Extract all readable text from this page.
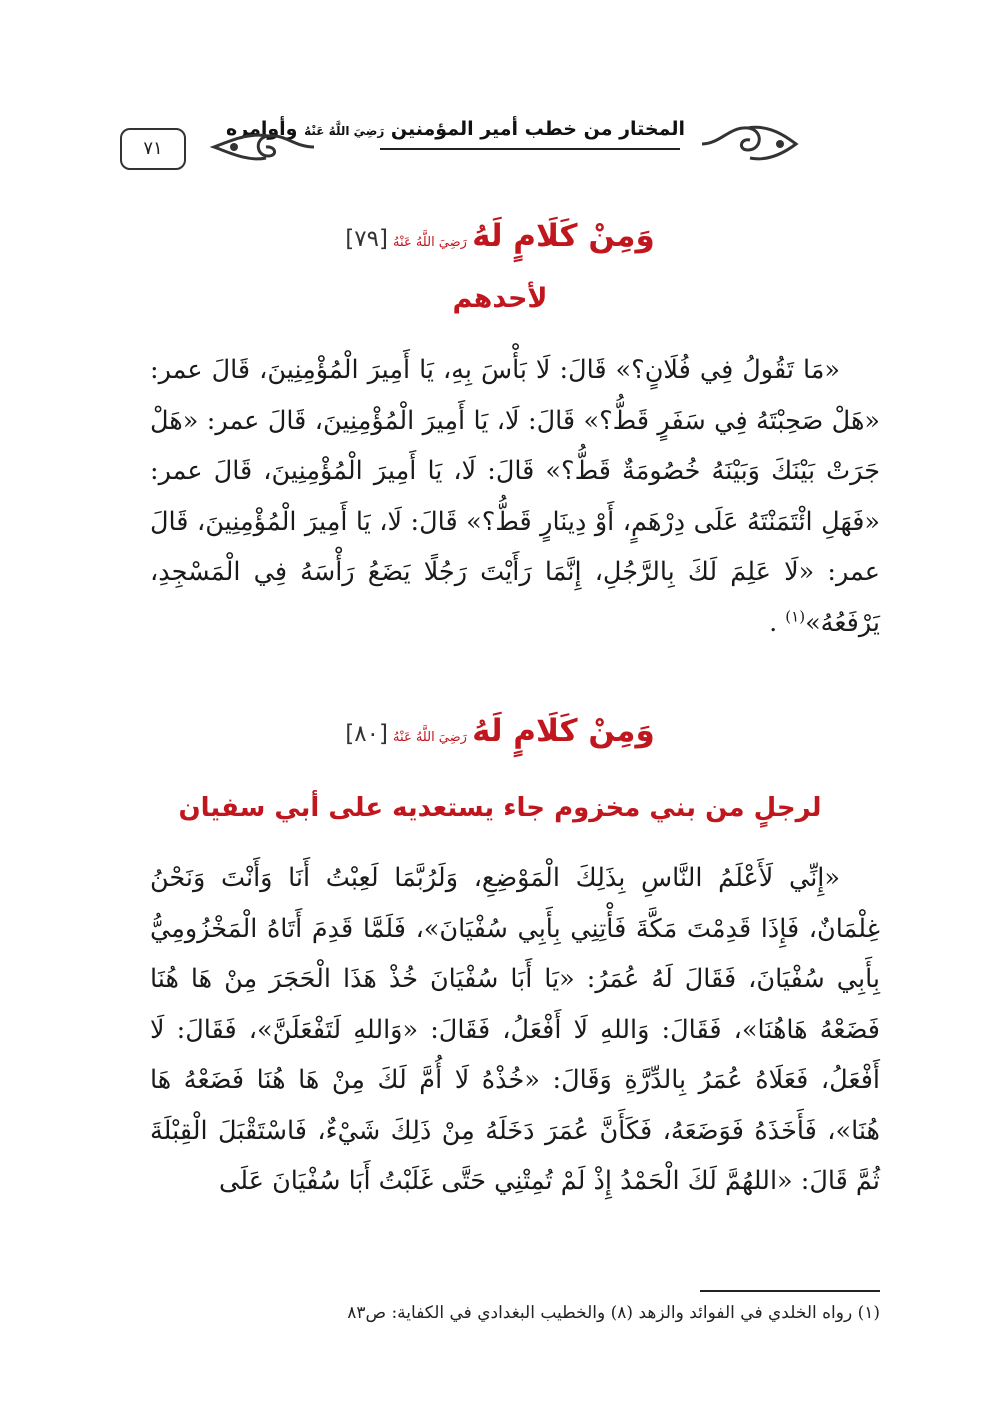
المختار من خطب أمير المؤمنين رَضِيَ اللَّهُ عَنْهُ وأوامره
٧١
وَمِنْ كَلَامٍ لَهُ رَضِيَ اللَّهُ عَنْهُ [٧٩]
لأحدهم

«مَا تَقُولُ فِي فُلَانٍ؟» قَالَ: لَا بَأْسَ بِهِ، يَا أَمِيرَ الْمُؤْمِنِينَ، قَالَ عمر: «هَلْ صَحِبْتَهُ فِي سَفَرٍ قَطُّ؟» قَالَ: لَا، يَا أَمِيرَ الْمُؤْمِنِينَ، قَالَ عمر: «هَلْ جَرَتْ بَيْنَكَ وَبَيْنَهُ خُصُومَةٌ قَطُّ؟» قَالَ: لَا، يَا أَمِيرَ الْمُؤْمِنِينَ، قَالَ عمر: «فَهَلِ ائْتَمَنْتَهُ عَلَى دِرْهَمٍ، أَوْ دِينَارٍ قَطُّ؟» قَالَ: لَا، يَا أَمِيرَ الْمُؤْمِنِينَ، قَالَ عمر: «لَا عَلِمَ لَكَ بِالرَّجُلِ، إِنَّمَا رَأَيْتَ رَجُلًا يَضَعُ رَأْسَهُ فِي الْمَسْجِدِ، يَرْفَعُهُ»$^{(١)}$ .

وَمِنْ كَلَامٍ لَهُ رَضِيَ اللَّهُ عَنْهُ [٨٠]
لرجلٍ من بني مخزوم جاء يستعديه على أبي سفيان

«إِنِّي لَأَعْلَمُ النَّاسِ بِذَلِكَ الْمَوْضِعِ، وَلَرُبَّمَا لَعِبْتُ أَنَا وَأَنْتَ وَنَحْنُ غِلْمَانٌ، فَإِذَا قَدِمْتَ مَكَّةَ فَأْتِنِي بِأَبِي سُفْيَانَ»، فَلَمَّا قَدِمَ أَتَاهُ الْمَخْزُومِيُّ بِأَبِي سُفْيَانَ، فَقَالَ لَهُ عُمَرُ: «يَا أَبَا سُفْيَانَ خُذْ هَذَا الْحَجَرَ مِنْ هَا هُنَا فَضَعْهُ هَاهُنَا»، فَقَالَ: وَاللهِ لَا أَفْعَلُ، فَقَالَ: «وَاللهِ لَتَفْعَلَنَّ»، فَقَالَ: لَا أَفْعَلُ، فَعَلَاهُ عُمَرُ بِالدِّرَّةِ وَقَالَ: «خُذْهُ لَا أُمَّ لَكَ مِنْ هَا هُنَا فَضَعْهُ هَا هُنَا»، فَأَخَذَهُ فَوَضَعَهُ، فَكَأَنَّ عُمَرَ دَخَلَهُ مِنْ ذَلِكَ شَيْءٌ، فَاسْتَقْبَلَ الْقِبْلَةَ ثُمَّ قَالَ: «اللهُمَّ لَكَ الْحَمْدُ إِذْ لَمْ تُمِتْنِي حَتَّى غَلَبْتُ أَبَا سُفْيَانَ عَلَى

(١) رواه الخلدي في الفوائد والزهد (٨) والخطيب البغدادي في الكفاية: ص٨٣
